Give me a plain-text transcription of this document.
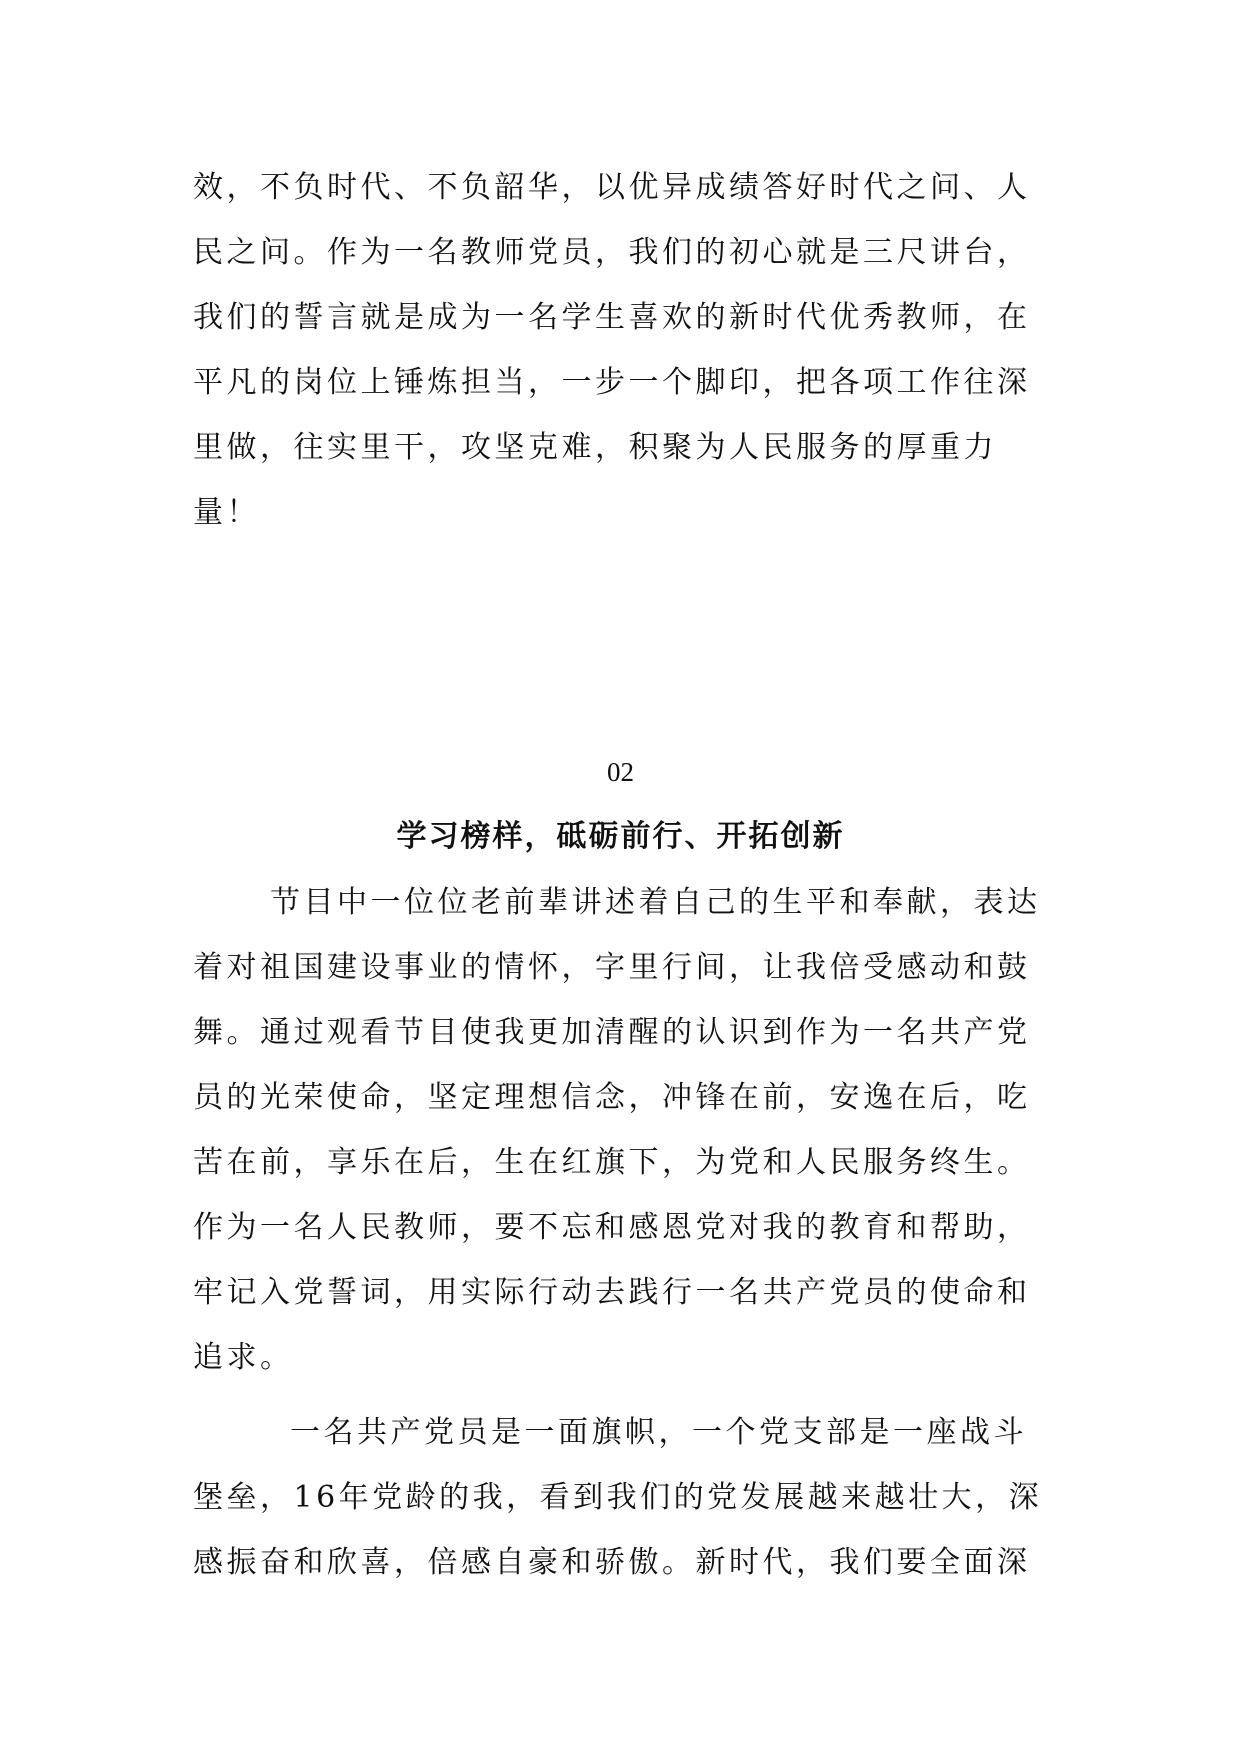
效，不负时代、不负韶华，以优异成绩答好时代之问、人
民之问。作为一名教师党员，我们的初心就是三尺讲台，
我们的誓言就是成为一名学生喜欢的新时代优秀教师，在
平凡的岗位上锤炼担当，一步一个脚印，把各项工作往深
里做，往实里干，攻坚克难，积聚为人民服务的厚重力
量！
02
学习榜样，砥砺前行、开拓创新
节目中一位位老前辈讲述着自己的生平和奉献，表达
着对祖国建设事业的情怀，字里行间，让我倍受感动和鼓
舞。通过观看节目使我更加清醒的认识到作为一名共产党
员的光荣使命，坚定理想信念，冲锋在前，安逸在后，吃
苦在前，享乐在后，生在红旗下，为党和人民服务终生。
作为一名人民教师，要不忘和感恩党对我的教育和帮助，
牢记入党誓词，用实际行动去践行一名共产党员的使命和
追求。
一名共产党员是一面旗帜，一个党支部是一座战斗
堡垒，16年党龄的我，看到我们的党发展越来越壮大，深
感振奋和欣喜，倍感自豪和骄傲。新时代，我们要全面深
